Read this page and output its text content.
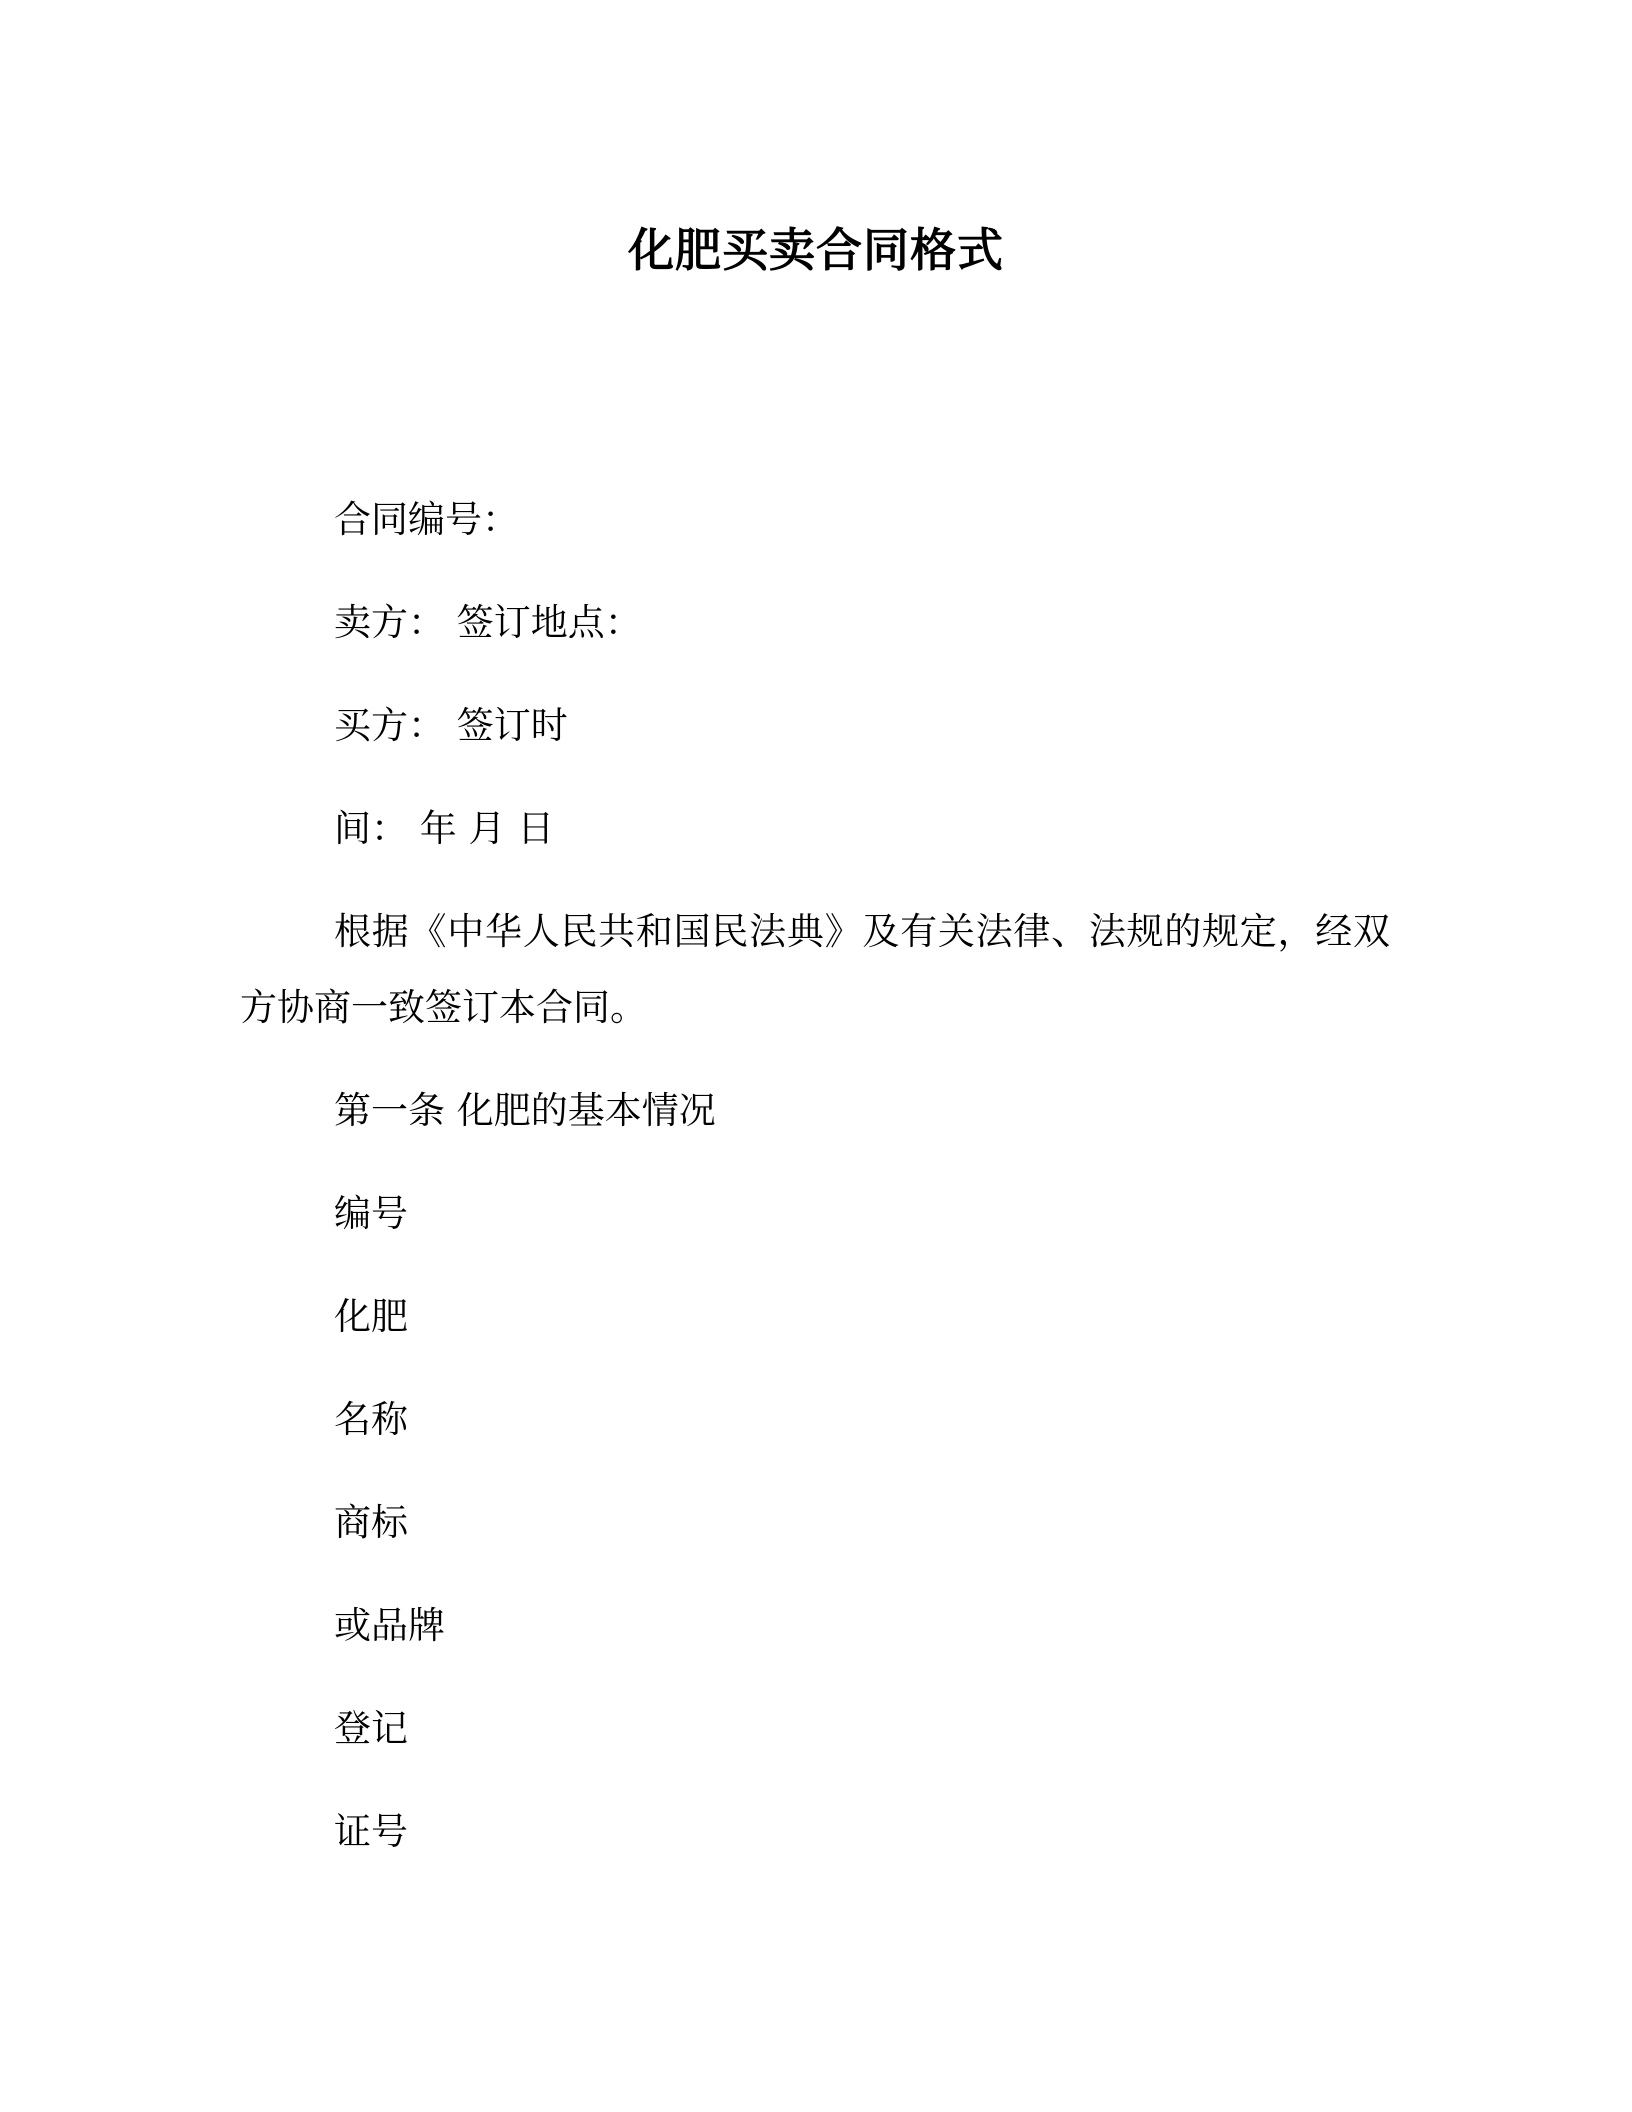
化肥买卖合同格式
合同编号：
卖方： 签订地点：
买方： 签订时
间： 年 月 日
根据《中华人民共和国民法典》及有关法律、法规的规定，经双方协商一致签订本合同。
第一条 化肥的基本情况
编号
化肥
名称
商标
或品牌
登记
证号
